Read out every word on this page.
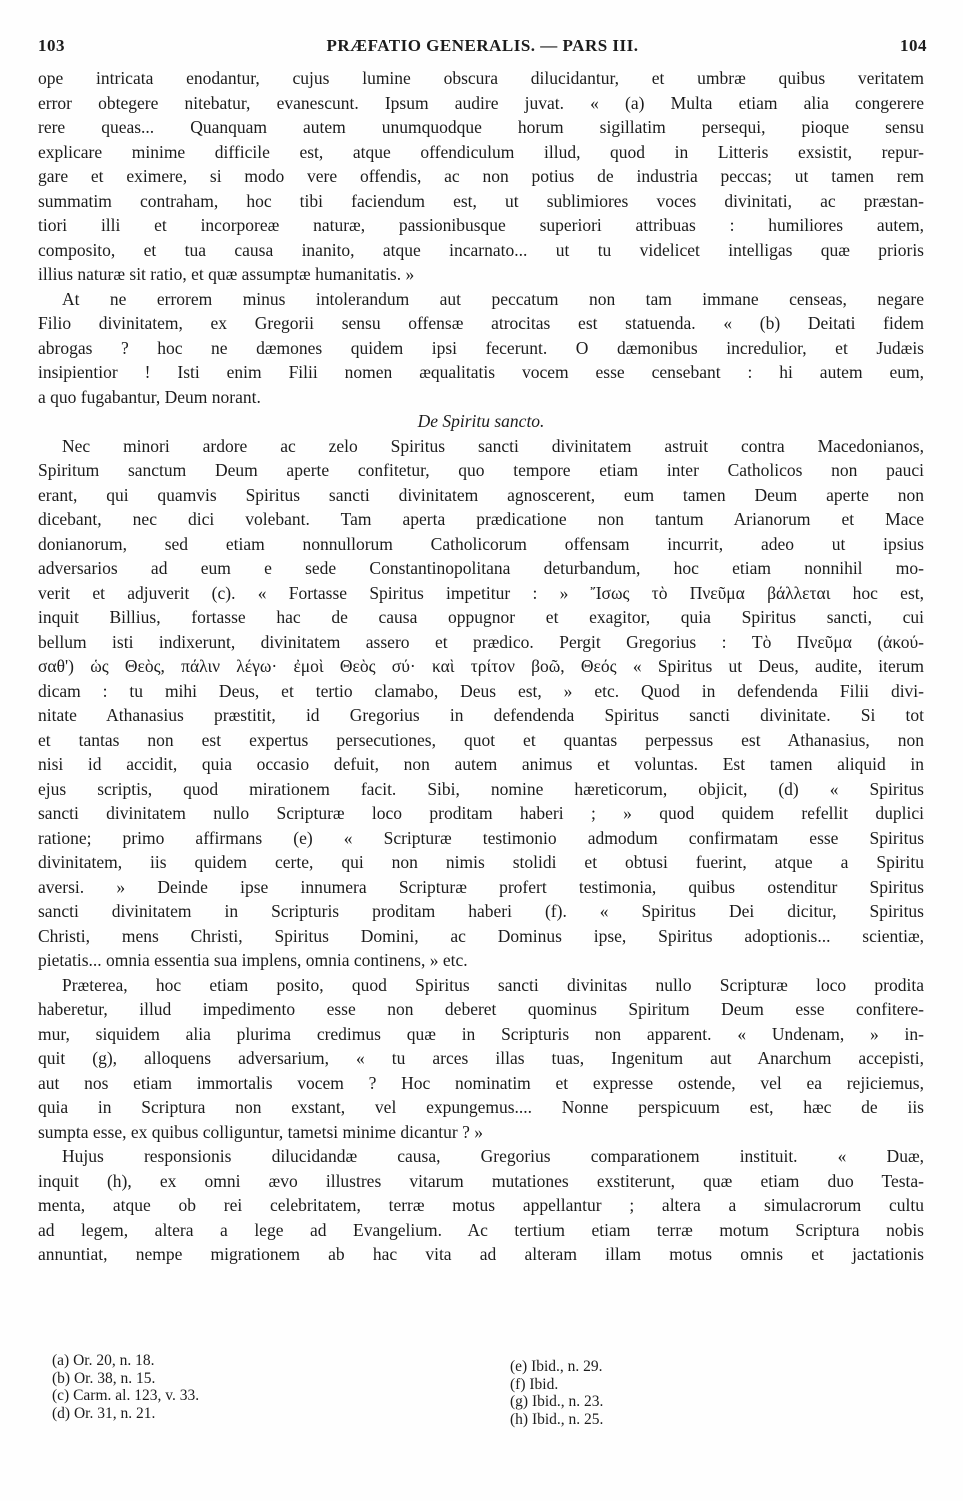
103	PRÆFATIO GENERALIS. — PARS III.	104
ope intricata enodantur, cujus lumine obscura dilucidantur, et umbræ quibus veritatem
error obtegere nitebatur, evanescunt. Ipsum audire juvat. « (a) Multa etiam alia congerere
rere queas... Quanquam autem unumquodque horum sigillatim persequi, pioque sensu
explicare minime difficile est, atque offendiculum illud, quod in Litteris exsistit, repur-
gare et eximere, si modo vere offendis, ac non potius de industria peccas; ut tamen rem
summatim contraham, hoc tibi faciendum est, ut sublimiores voces divinitati, ac præstan-
tiori illi et incorporeæ naturæ, passionibusque superiori attribuas : humiliores autem,
composito, et tua causa inanito, atque incarnato... ut tu videlicet intelligas quæ prioris
illius naturæ sit ratio, et quæ assumptæ humanitatis. »
At ne errorem minus intolerandum aut peccatum non tam immane censeas, negare
Filio divinitatem, ex Gregorii sensu offensæ atrocitas est statuenda. « (b) Deitati fidem
abrogas ? hoc ne dæmones quidem ipsi fecerunt. O dæmonibus incredulior, et Judæis
insipientior ! Isti enim Filii nomen æqualitatis vocem esse censebant : hi autem eum,
a quo fugabantur, Deum norant.
De Spiritu sancto.
Nec minori ardore ac zelo Spiritus sancti divinitatem astruit contra Macedonianos,
Spiritum sanctum Deum aperte confitetur, quo tempore etiam inter Catholicos non pauci
erant, qui quamvis Spiritus sancti divinitatem agnoscerent, eum tamen Deum aperte non
dicebant, nec dici volebant. Tam aperta prædicatione non tantum Arianorum et Mace
donianorum, sed etiam nonnullorum Catholicorum offensam incurrit, adeo ut ipsius
adversarios ad eum e sede Constantinopolitana deturbandum, hoc etiam nonnihil mo-
verit et adjuverit (c). « Fortasse Spiritus impetitur : » Ἴσως τὸ Πνεῦμα βάλλεται hoc est,
inquit Billius, fortasse hac de causa oppugnor et exagitor, quia Spiritus sancti, cui
bellum isti indixerunt, divinitatem assero et prædico. Pergit Gregorius : Τὸ Πνεῦμα (ἀκού-
σαθ') ὡς Θεὸς, πάλιν λέγω· ἐμοὶ Θεὸς σύ· καὶ τρίτον βοῶ, Θεός « Spiritus ut Deus, audite, iterum
dicam : tu mihi Deus, et tertio clamabo, Deus est, » etc. Quod in defendenda Filii divi-
nitate Athanasius præstitit, id Gregorius in defendenda Spiritus sancti divinitate. Si tot
et tantas non est expertus persecutiones, quot et quantas perpessus est Athanasius, non
nisi id accidit, quia occasio defuit, non autem animus et voluntas. Est tamen aliquid in
ejus scriptis, quod mirationem facit. Sibi, nomine hæreticorum, objicit, (d) « Spiritus
sancti divinitatem nullo Scripturæ loco proditam haberi ; » quod quidem refellit duplici
ratione; primo affirmans (e) « Scripturæ testimonio admodum confirmatam esse Spiritus
divinitatem, iis quidem certe, qui non nimis stolidi et obtusi fuerint, atque a Spiritu
aversi. » Deinde ipse innumera Scripturæ profert testimonia, quibus ostenditur Spiritus
sancti divinitatem in Scripturis proditam haberi (f). « Spiritus Dei dicitur, Spiritus
Christi, mens Christi, Spiritus Domini, ac Dominus ipse, Spiritus adoptionis... scientiæ,
pietatis... omnia essentia sua implens, omnia continens, » etc.
Præterea, hoc etiam posito, quod Spiritus sancti divinitas nullo Scripturæ loco prodita
haberetur, illud impedimento esse non deberet quominus Spiritum Deum esse confitere-
mur, siquidem alia plurima credimus quæ in Scripturis non apparent. « Undenam, » in-
quit (g), alloquens adversarium, « tu arces illas tuas, Ingenitum aut Anarchum accepisti,
aut nos etiam immortalis vocem ? Hoc nominatim et expresse ostende, vel ea rejiciemus,
quia in Scriptura non exstant, vel expungemus.... Nonne perspicuum est, hæc de iis
sumpta esse, ex quibus colliguntur, tametsi minime dicantur ? »
Hujus responsionis dilucidandæ causa, Gregorius comparationem instituit. « Duæ,
inquit (h), ex omni ævo illustres vitarum mutationes exstiterunt, quæ etiam duo Testa-
menta, atque ob rei celebritatem, terræ motus appellantur ; altera a simulacrorum cultu
ad legem, altera a lege ad Evangelium. Ac tertium etiam terræ motum Scriptura nobis
annuntiat, nempe migrationem ab hac vita ad alteram illam motus omnis et jactationis
(a) Or. 20, n. 18.
(b) Or. 38, n. 15.
(c) Carm. al. 123, v. 33.
(d) Or. 31, n. 21.
(e) Ibid., n. 29.
(f) Ibid.
(g) Ibid., n. 23.
(h) Ibid., n. 25.
